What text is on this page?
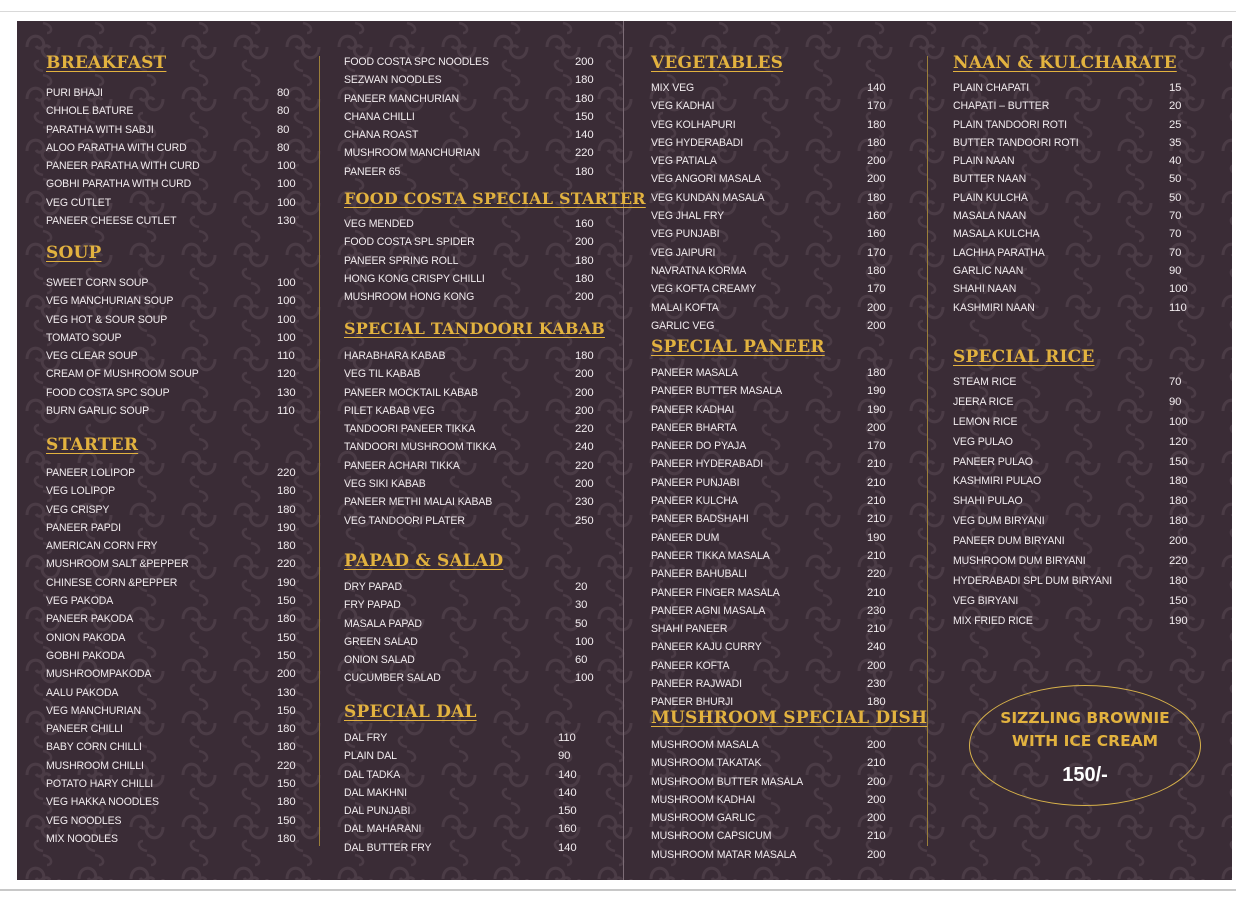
BREAKFAST
PURI BHAJI	80
CHHOLE BATURE	80
PARATHA WITH SABJI	80
ALOO PARATHA WITH CURD	80
PANEER PARATHA WITH CURD	100
GOBHI PARATHA WITH CURD	100
VEG CUTLET	100
PANEER CHEESE CUTLET	130
SOUP
SWEET CORN SOUP	100
VEG MANCHURIAN SOUP	100
VEG HOT & SOUR SOUP	100
TOMATO SOUP	100
VEG CLEAR SOUP	110
CREAM OF MUSHROOM SOUP	120
FOOD COSTA SPC SOUP	130
BURN GARLIC SOUP	110
STARTER
PANEER LOLIPOP	220
VEG LOLIPOP	180
VEG CRISPY	180
PANEER PAPDI	190
AMERICAN CORN FRY	180
MUSHROOM SALT &PEPPER	220
CHINESE CORN &PEPPER	190
VEG PAKODA	150
PANEER PAKODA	180
ONION PAKODA	150
GOBHI PAKODA	150
MUSHROOMPAKODA	200
AALU PAKODA	130
VEG MANCHURIAN	150
PANEER CHILLI	180
BABY CORN CHILLI	180
MUSHROOM CHILLI	220
POTATO HARY CHILLI	150
VEG HAKKA NOODLES	180
VEG NOODLES	150
MIX NOODLES	180
FOOD COSTA SPC NOODLES	200
SEZWAN NOODLES	180
PANEER MANCHURIAN	180
CHANA CHILLI	150
CHANA ROAST	140
MUSHROOM MANCHURIAN	220
PANEER 65	180
FOOD COSTA SPECIAL STARTER
VEG MENDED	160
FOOD COSTA SPL SPIDER	200
PANEER SPRING ROLL	180
HONG KONG CRISPY CHILLI	180
MUSHROOM HONG KONG	200
SPECIAL TANDOORI KABAB
HARABHARA KABAB	180
VEG TIL KABAB	200
PANEER MOCKTAIL KABAB	200
PILET KABAB VEG	200
TANDOORI PANEER TIKKA	220
TANDOORI MUSHROOM TIKKA	240
PANEER ACHARI TIKKA	220
VEG SIKI KABAB	200
PANEER METHI MALAI KABAB	230
VEG TANDOORI PLATER	250
PAPAD & SALAD
DRY PAPAD	20
FRY PAPAD	30
MASALA PAPAD	50
GREEN SALAD	100
ONION SALAD	60
CUCUMBER SALAD	100
SPECIAL DAL
DAL FRY	110
PLAIN DAL	90
DAL TADKA	140
DAL MAKHNI	140
DAL PUNJABI	150
DAL MAHARANI	160
DAL BUTTER FRY	140
VEGETABLES
MIX VEG	140
VEG KADHAI	170
VEG KOLHAPURI	180
VEG HYDERABADI	180
VEG PATIALA	200
VEG ANGORI MASALA	200
VEG KUNDAN MASALA	180
VEG JHAL FRY	160
VEG PUNJABI	160
VEG JAIPURI	170
NAVRATNA KORMA	180
VEG KOFTA CREAMY	170
MALAI KOFTA	200
GARLIC VEG	200
SPECIAL PANEER
PANEER MASALA	180
PANEER BUTTER MASALA	190
PANEER KADHAI	190
PANEER BHARTA	200
PANEER DO PYAJA	170
PANEER HYDERABADI	210
PANEER PUNJABI	210
PANEER KULCHA	210
PANEER BADSHAHI	210
PANEER DUM	190
PANEER TIKKA MASALA	210
PANEER BAHUBALI	220
PANEER FINGER MASALA	210
PANEER AGNI MASALA	230
SHAHI PANEER	210
PANEER KAJU CURRY	240
PANEER KOFTA	200
PANEER RAJWADI	230
PANEER BHURJI	180
MUSHROOM SPECIAL DISH
MUSHROOM MASALA	200
MUSHROOM TAKATAK	210
MUSHROOM BUTTER MASALA	200
MUSHROOM KADHAI	200
MUSHROOM GARLIC	200
MUSHROOM CAPSICUM	210
MUSHROOM MATAR MASALA	200
NAAN & KULCHARATE
PLAIN CHAPATI	15
CHAPATI – BUTTER	20
PLAIN TANDOORI ROTI	25
BUTTER TANDOORI ROTI	35
PLAIN NAAN	40
BUTTER NAAN	50
PLAIN KULCHA	50
MASALA NAAN	70
MASALA KULCHA	70
LACHHA PARATHA	70
GARLIC NAAN	90
SHAHI NAAN	100
KASHMIRI NAAN	110
SPECIAL RICE
STEAM RICE	70
JEERA RICE	90
LEMON RICE	100
VEG PULAO	120
PANEER PULAO	150
KASHMIRI PULAO	180
SHAHI PULAO	180
VEG DUM BIRYANI	180
PANEER DUM BIRYANI	200
MUSHROOM DUM BIRYANI	220
HYDERABADI SPL DUM BIRYANI	180
VEG BIRYANI	150
MIX FRIED RICE	190
SIZZLING BROWNIE
WITH ICE CREAM
150/-
